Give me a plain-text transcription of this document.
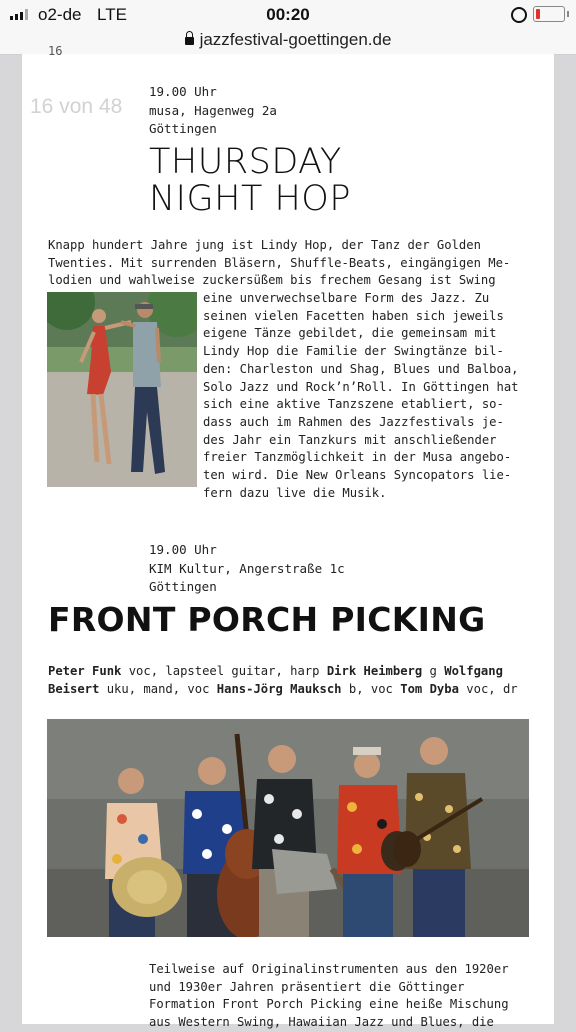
o2-de LTE	00:20
jazzfestival-goettingen.de
16
16 von 48
19.00 Uhr
musa, Hagenweg 2a
Göttingen
THURSDAY
NIGHT HOP
Knapp hundert Jahre jung ist Lindy Hop, der Tanz der Golden
Twenties. Mit surrenden Bläsern, Shuffle-Beats, eingängigen Me-
lodien und wahlweise zuckersüßem bis frechem Gesang ist Swing
eine unverwechselbare Form des Jazz. Zu
seinen vielen Facetten haben sich jeweils
eigene Tänze gebildet, die gemeinsam mit
Lindy Hop die Familie der Swingtänze bil-
den: Charleston und Shag, Blues und Balboa,
Solo Jazz und Rock’n’Roll. In Göttingen hat
sich eine aktive Tanzszene etabliert, so-
dass auch im Rahmen des Jazzfestivals je-
des Jahr ein Tanzkurs mit anschließender
freier Tanzmöglichkeit in der Musa angebo-
ten wird. Die New Orleans Syncopators lie-
fern dazu live die Musik.
19.00 Uhr
KIM Kultur, Angerstraße 1c
Göttingen
FRONT PORCH PICKING
Peter Funk voc, lapsteel guitar, harp Dirk Heimberg g Wolfgang
Beisert uku, mand, voc Hans-Jörg Mauksch b, voc Tom Dyba voc, dr
Teilweise auf Originalinstrumenten aus den 1920er
und 1930er Jahren präsentiert die Göttinger
Formation Front Porch Picking eine heiße Mischung
aus Western Swing, Hawaiian Jazz und Blues, die
